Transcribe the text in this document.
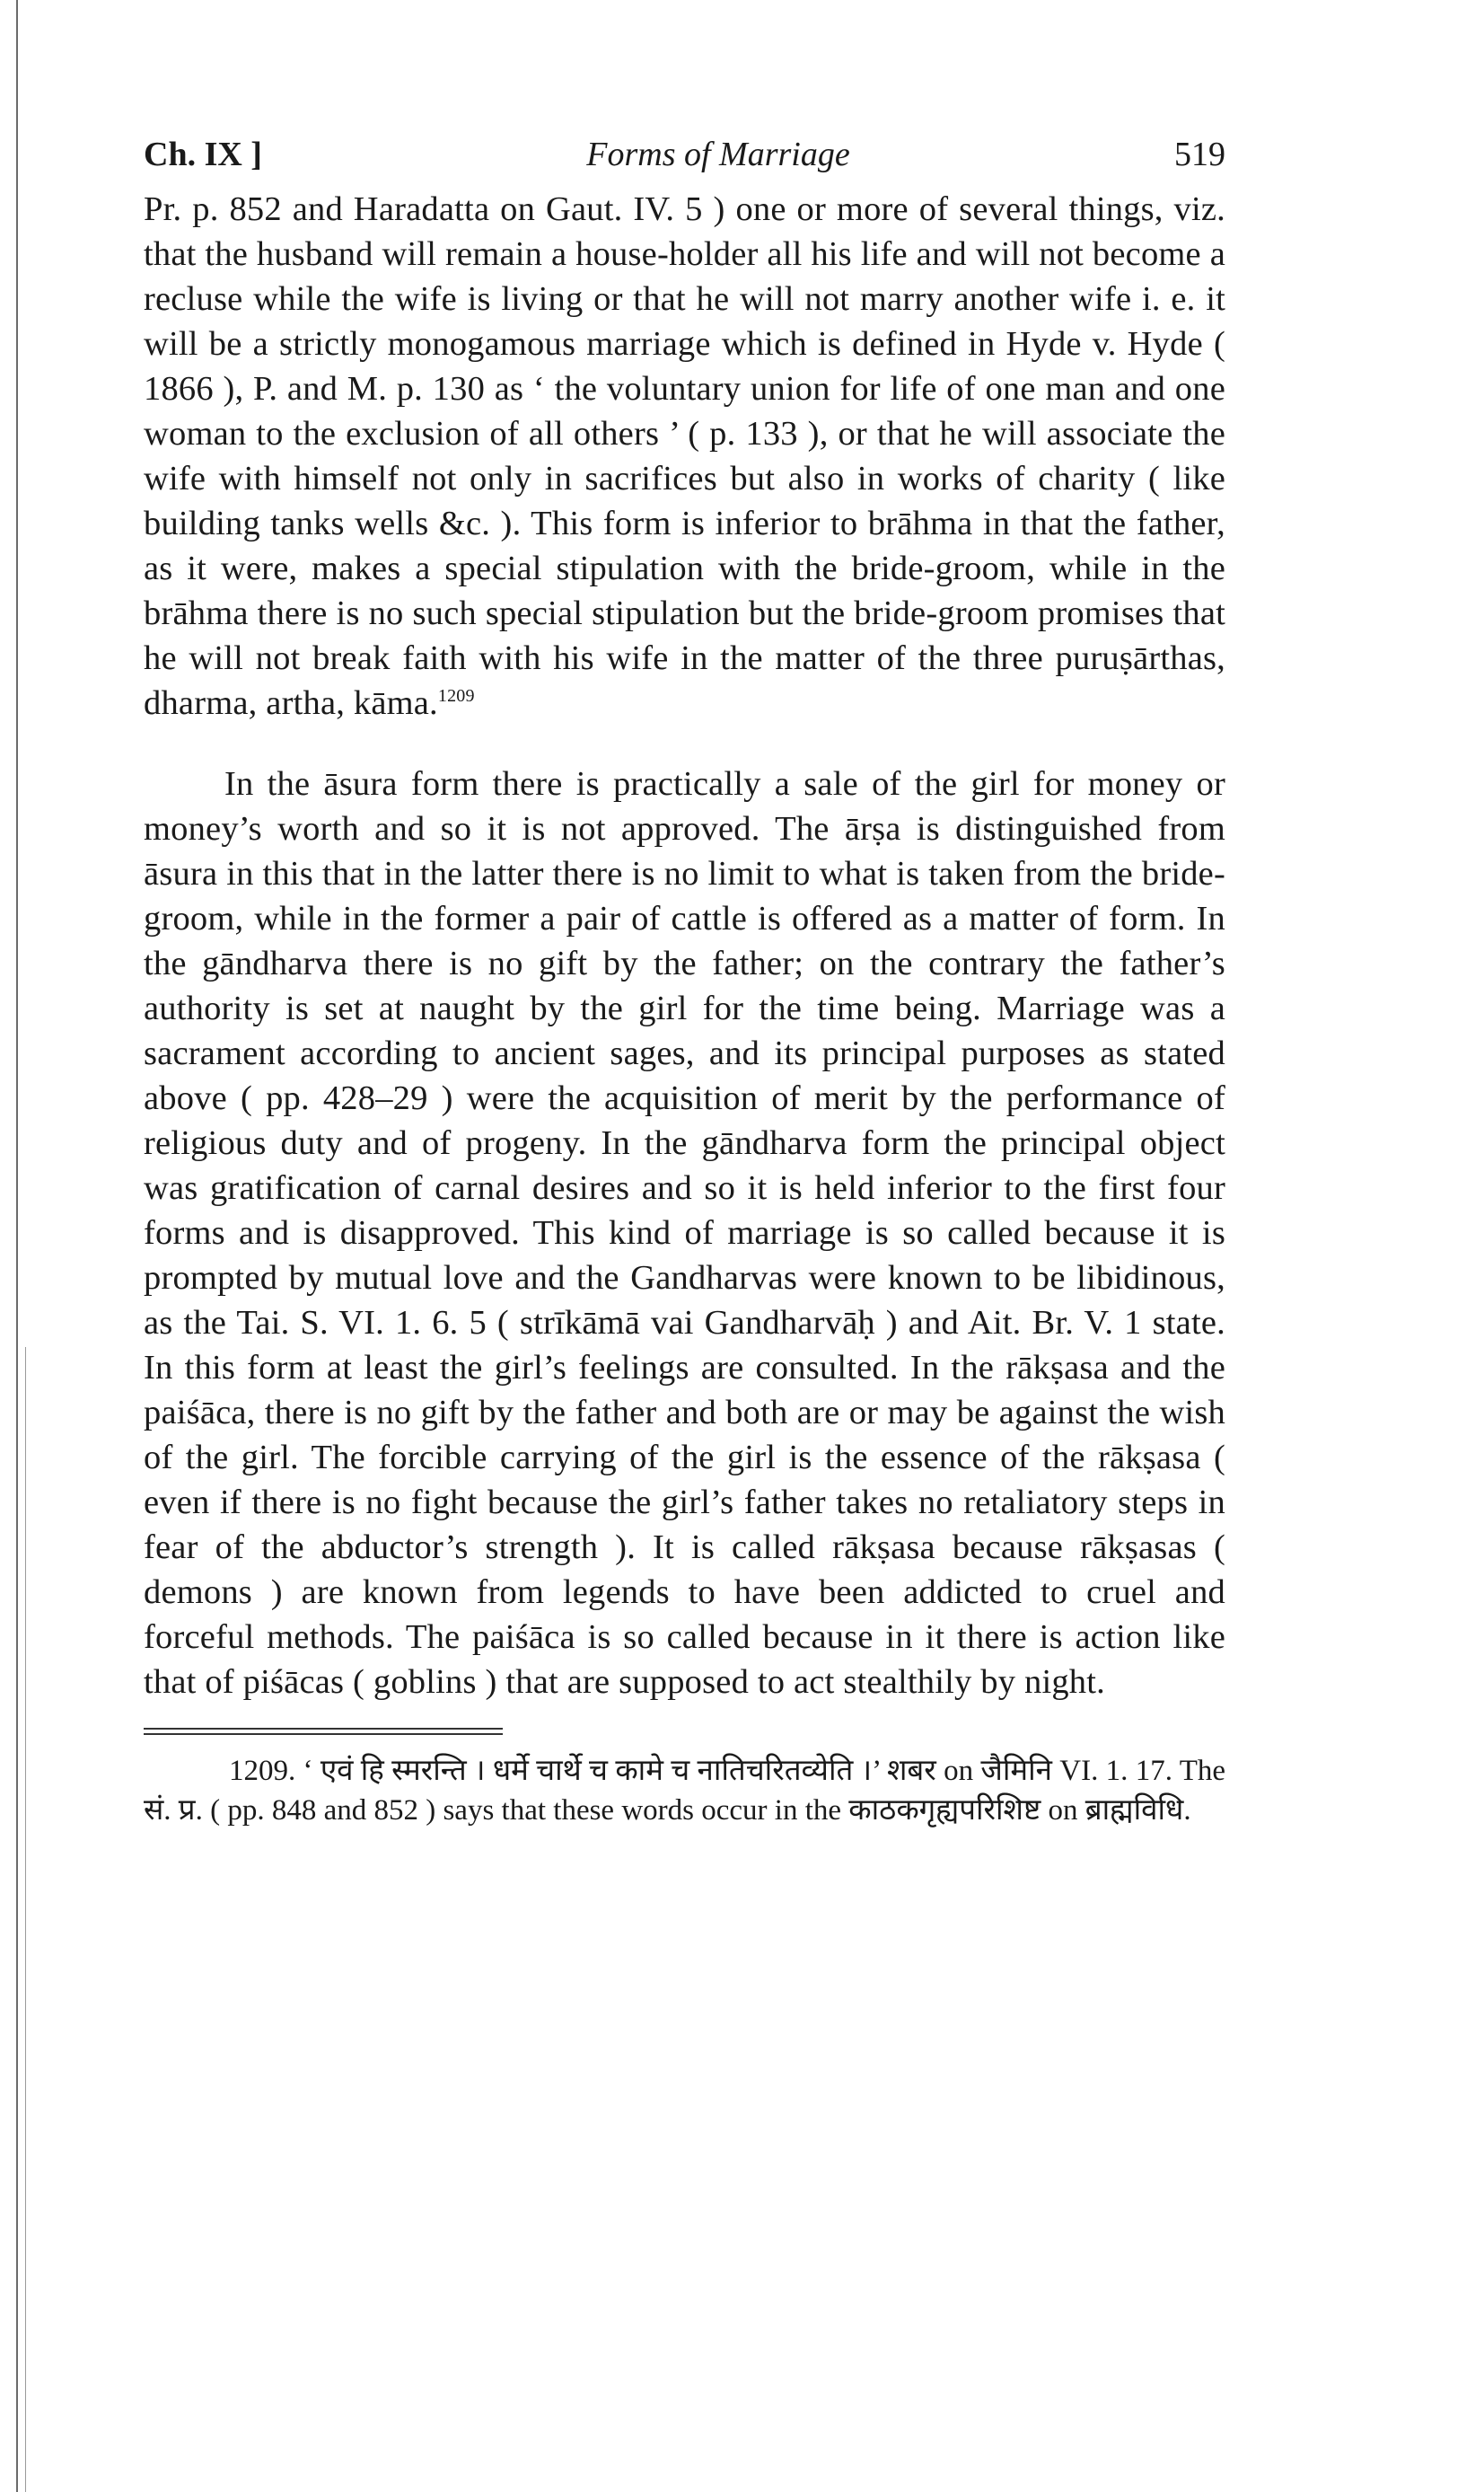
Ch. IX ]	Forms of Marriage	519

Pr. p. 852 and Haradatta on Gaut. IV. 5 ) one or more of several things, viz. that the husband will remain a house-holder all his life and will not become a recluse while the wife is living or that he will not marry another wife i. e. it will be a strictly monogamous marriage which is defined in Hyde v. Hyde ( 1866 ), P. and M. p. 130 as ‘ the voluntary union for life of one man and one woman to the exclusion of all others ’ ( p. 133 ), or that he will associate the wife with himself not only in sacrifices but also in works of charity ( like building tanks wells &c. ). This form is inferior to brāhma in that the father, as it were, makes a special stipulation with the bride-groom, while in the brāhma there is no such special stipulation but the bride-groom promises that he will not break faith with his wife in the matter of the three puruṣārthas, dharma, artha, kāma.$^{1209}$

In the āsura form there is practically a sale of the girl for money or money’s worth and so it is not approved. The ārṣa is distinguished from āsura in this that in the latter there is no limit to what is taken from the bride-groom, while in the former a pair of cattle is offered as a matter of form. In the gāndharva there is no gift by the father; on the contrary the father’s authority is set at naught by the girl for the time being. Marriage was a sacrament according to ancient sages, and its principal purposes as stated above ( pp. 428–29 ) were the acquisition of merit by the performance of religious duty and of progeny. In the gāndharva form the principal object was gratification of carnal desires and so it is held inferior to the first four forms and is disapproved. This kind of marriage is so called because it is prompted by mutual love and the Gandharvas were known to be libidinous, as the Tai. S. VI. 1. 6. 5 ( strīkāmā vai Gandharvāḥ ) and Ait. Br. V. 1 state. In this form at least the girl’s feelings are consulted. In the rākṣasa and the paiśāca, there is no gift by the father and both are or may be against the wish of the girl. The forcible carrying of the girl is the essence of the rākṣasa ( even if there is no fight because the girl’s father takes no retaliatory steps in fear of the abductor’s strength ). It is called rākṣasa because rākṣasas ( demons ) are known from legends to have been addicted to cruel and forceful methods. The paiśāca is so called because in it there is action like that of piśācas ( goblins ) that are supposed to act stealthily by night.

1209. ‘ एवं हि स्मरन्ति । धर्मे चार्थे च कामे च नातिचरितव्येति ।’ शबर on जैमिनि VI. 1. 17. The सं. प्र. ( pp. 848 and 852 ) says that these words occur in the काठकगृह्यपरिशिष्ट on ब्राह्मविधि.
